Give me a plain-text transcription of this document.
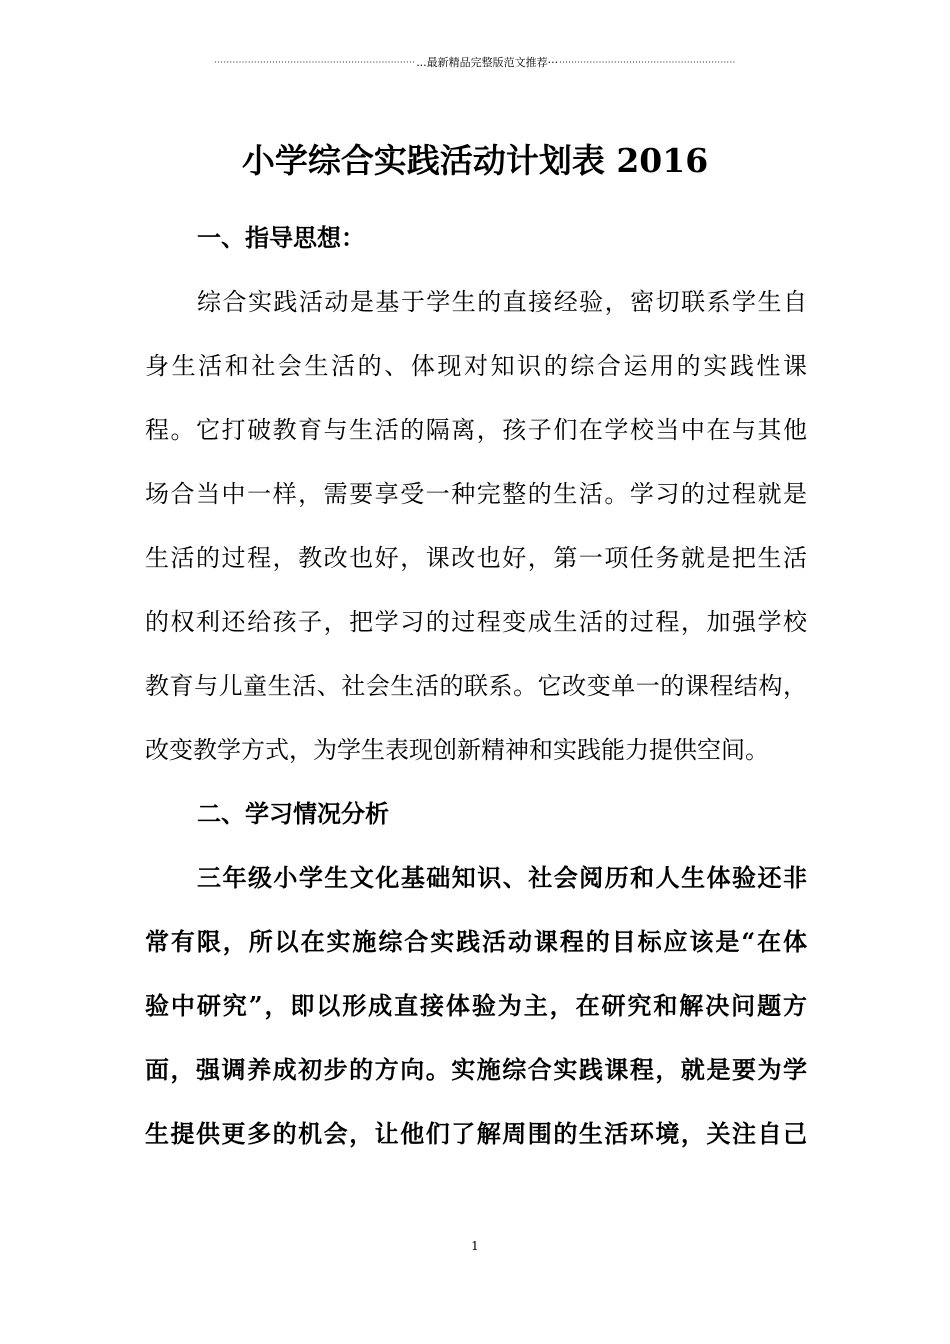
·································································· ...最新精品完整版范文推荐··· ··························································
小学综合实践活动计划表 2016
一、指导思想：
综合实践活动是基于学生的直接经验，密切联系学生自
身生活和社会生活的、体现对知识的综合运用的实践性课
程。它打破教育与生活的隔离，孩子们在学校当中在与其他
场合当中一样，需要享受一种完整的生活。学习的过程就是
生活的过程，教改也好，课改也好，第一项任务就是把生活
的权利还给孩子，把学习的过程变成生活的过程，加强学校
教育与儿童生活、社会生活的联系。它改变单一的课程结构，
改变教学方式，为学生表现创新精神和实践能力提供空间。
二、学习情况分析
三年级小学生文化基础知识、社会阅历和人生体验还非
常有限，所以在实施综合实践活动课程的目标应该是“在体
验中研究”，即以形成直接体验为主，在研究和解决问题方
面，强调养成初步的方向。实施综合实践课程，就是要为学
生提供更多的机会，让他们了解周围的生活环境，关注自己
1
